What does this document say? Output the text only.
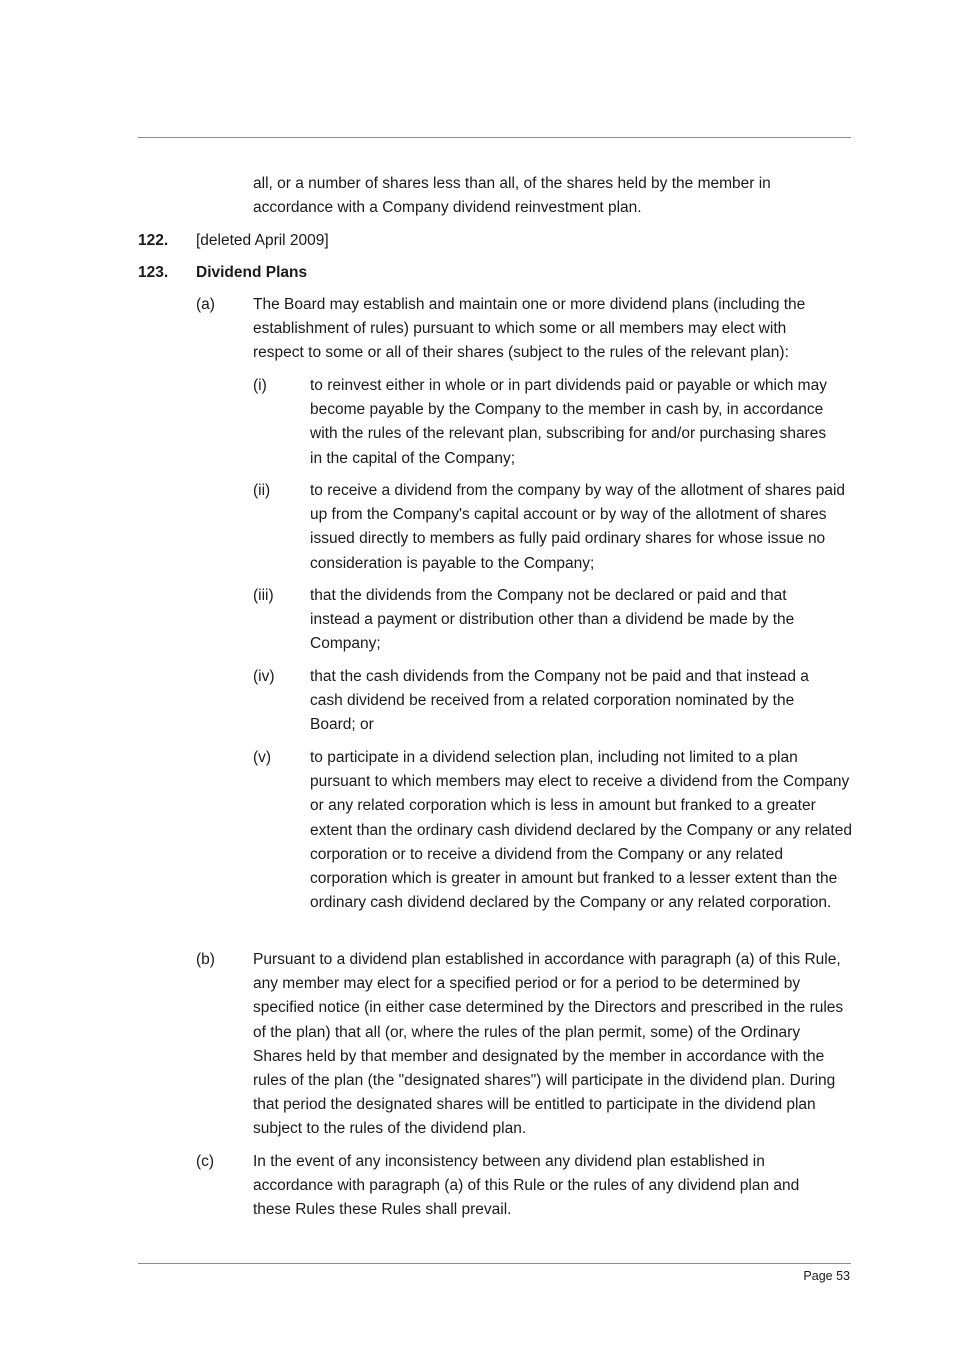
all, or a number of shares less than all, of the shares held by the member in accordance with a Company dividend reinvestment plan.
122. [deleted April 2009]
123. Dividend Plans
(a) The Board may establish and maintain one or more dividend plans (including the establishment of rules) pursuant to which some or all members may elect with respect to some or all of their shares (subject to the rules of the relevant plan):
(i)	to reinvest either in whole or in part dividends paid or payable or which may become payable by the Company to the member in cash by, in accordance with the rules of the relevant plan, subscribing for and/or purchasing shares in the capital of the Company;
(ii)	to receive a dividend from the company by way of the allotment of shares paid up from the Company's capital account or by way of the allotment of shares issued directly to members as fully paid ordinary shares for whose issue no consideration is payable to the Company;
(iii) that the dividends from the Company not be declared or paid and that instead a payment or distribution other than a dividend be made by the Company;
(iv) that the cash dividends from the Company not be paid and that instead a cash dividend be received from a related corporation nominated by the Board; or
(v)	to participate in a dividend selection plan, including not limited to a plan pursuant to which members may elect to receive a dividend from the Company or any related corporation which is less in amount but franked to a greater extent than the ordinary cash dividend declared by the Company or any related corporation or to receive a dividend from the Company or any related corporation which is greater in amount but franked to a lesser extent than the ordinary cash dividend declared by the Company or any related corporation.
(b) Pursuant to a dividend plan established in accordance with paragraph (a) of this Rule, any member may elect for a specified period or for a period to be determined by specified notice (in either case determined by the Directors and prescribed in the rules of the plan) that all (or, where the rules of the plan permit, some) of the Ordinary Shares held by that member and designated by the member in accordance with the rules of the plan (the "designated shares") will participate in the dividend plan. During that period the designated shares will be entitled to participate in the dividend plan subject to the rules of the dividend plan.
(c)	In the event of any inconsistency between any dividend plan established in accordance with paragraph (a) of this Rule or the rules of any dividend plan and these Rules these Rules shall prevail.
Page 53
